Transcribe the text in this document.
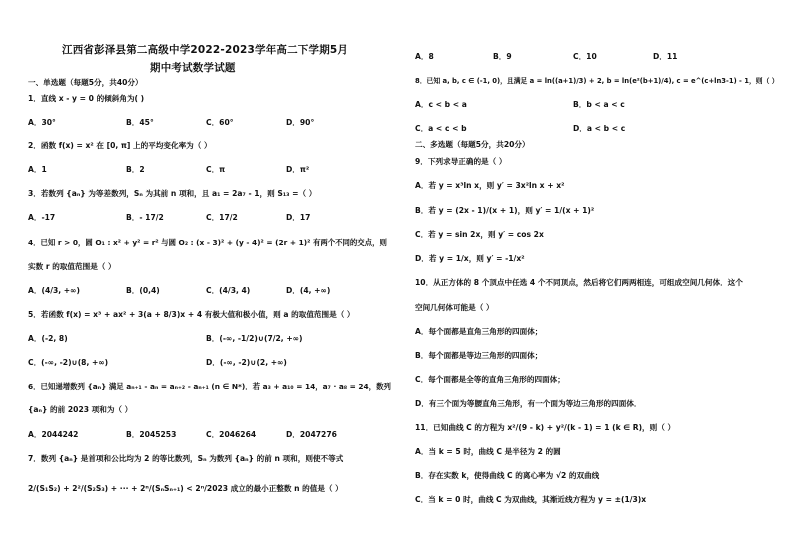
江西省彭泽县第二高级中学2022-2023学年高二下学期5月
期中考试数学试题
一、单选题（每题5分，共40分）
1．直线 x - y = 0 的倾斜角为( )
A．30°	B．45°	C．60°	D．90°
2．函数 f(x) = x² 在 [0, π] 上的平均变化率为（ ）
A．1	B．2	C．π	D．π²
3．若数列 {aₙ} 为等差数列，Sₙ 为其前 n 项和，且 a₁ = 2a₇ - 1，则 S₁₃ =（ ）
A．-17	B．- 17/2	C．17/2	D．17
4．已知 r > 0，圆 O₁ : x² + y² = r² 与圆 O₂ : (x - 3)² + (y - 4)² = (2r + 1)² 有两个不同的交点，则
实数 r 的取值范围是（ ）
A．(4/3, +∞)	B．(0,4)	C．(4/3, 4)	D．(4, +∞)
5．若函数 f(x) = x³ + ax² + 3(a + 8/3)x + 4 有极大值和极小值，则 a 的取值范围是（ ）
A．(-2, 8)	B．(-∞, -1/2)∪(7/2, +∞)
C．(-∞, -2)∪(8, +∞)	D．(-∞, -2)∪(2, +∞)
6．已知递增数列 {aₙ} 满足 aₙ₊₁ - aₙ = aₙ₊₂ - aₙ₊₁ (n ∈ N*)．若 a₃ + a₁₀ = 14，a₇ · a₈ = 24，数列
{aₙ} 的前 2023 项和为（ ）
A．2044242	B．2045253	C．2046264	D．2047276
7．数列 {aₙ} 是首项和公比均为 2 的等比数列，Sₙ 为数列 {aₙ} 的前 n 项和，则使不等式
2/(S₁S₂) + 2²/(S₂S₃) + ··· + 2ⁿ/(SₙSₙ₊₁) < 2ⁿ/2023 成立的最小正整数 n 的值是（ ）
A．8	B．9	C．10	D．11
8．已知 a, b, c ∈ (-1, 0)，且满足 a = ln((a+1)/3) + 2, b = ln(e²(b+1)/4), c = e^(c+ln3-1) - 1，则（ ）
A．c < b < a	B．b < a < c
C．a < c < b	D．a < b < c
二、多选题（每题5分，共20分）
9．下列求导正确的是（ ）
A．若 y = x³ln x，则 y′ = 3x²ln x + x²
B．若 y = (2x - 1)/(x + 1)，则 y′ = 1/(x + 1)²
C．若 y = sin 2x，则 y′ = cos 2x
D．若 y = 1/x，则 y′ = -1/x²
10．从正方体的 8 个顶点中任选 4 个不同顶点，然后将它们两两相连，可组成空间几何体．这个
空间几何体可能是（ ）
A．每个面都是直角三角形的四面体；
B．每个面都是等边三角形的四面体；
C．每个面都是全等的直角三角形的四面体；
D．有三个面为等腰直角三角形，有一个面为等边三角形的四面体．
11．已知曲线 C 的方程为 x²/(9 - k) + y²/(k - 1) = 1 (k ∈ R)，则（ ）
A．当 k = 5 时，曲线 C 是半径为 2 的圆
B．存在实数 k，使得曲线 C 的离心率为 √2 的双曲线
C．当 k = 0 时，曲线 C 为双曲线，其渐近线方程为 y = ±(1/3)x
